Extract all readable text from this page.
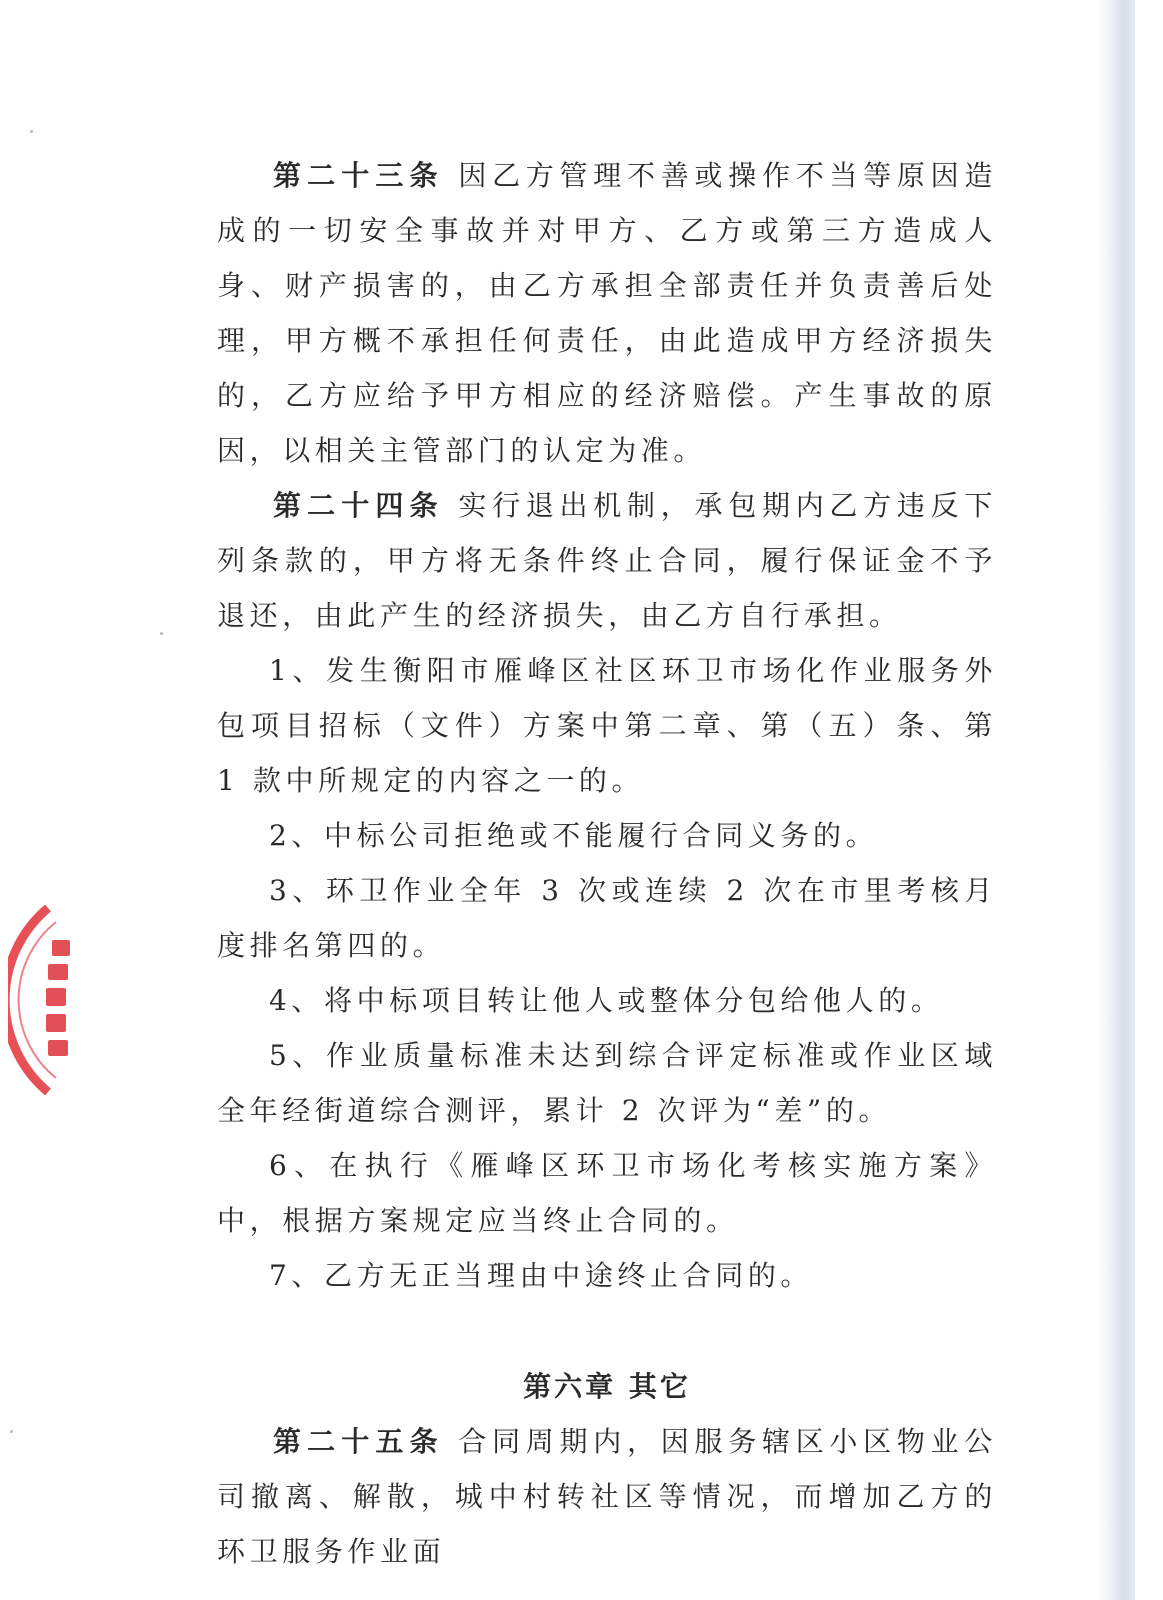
第二十三条 因乙方管理不善或操作不当等原因造成的一切安全事故并对甲方、乙方或第三方造成人身、财产损害的，由乙方承担全部责任并负责善后处理，甲方概不承担任何责任，由此造成甲方经济损失的，乙方应给予甲方相应的经济赔偿。产生事故的原因，以相关主管部门的认定为准。

第二十四条 实行退出机制，承包期内乙方违反下列条款的，甲方将无条件终止合同，履行保证金不予退还，由此产生的经济损失，由乙方自行承担。

1、发生衡阳市雁峰区社区环卫市场化作业服务外包项目招标（文件）方案中第二章、第（五）条、第 1 款中所规定的内容之一的。

2、中标公司拒绝或不能履行合同义务的。

3、环卫作业全年 3 次或连续 2 次在市里考核月度排名第四的。

4、将中标项目转让他人或整体分包给他人的。

5、作业质量标准未达到综合评定标准或作业区域全年经街道综合测评，累计 2 次评为“差”的。

6、在执行《雁峰区环卫市场化考核实施方案》中，根据方案规定应当终止合同的。

7、乙方无正当理由中途终止合同的。

第六章 其它

第二十五条 合同周期内，因服务辖区小区物业公司撤离、解散，城中村转社区等情况，而增加乙方的环卫服务作业面
